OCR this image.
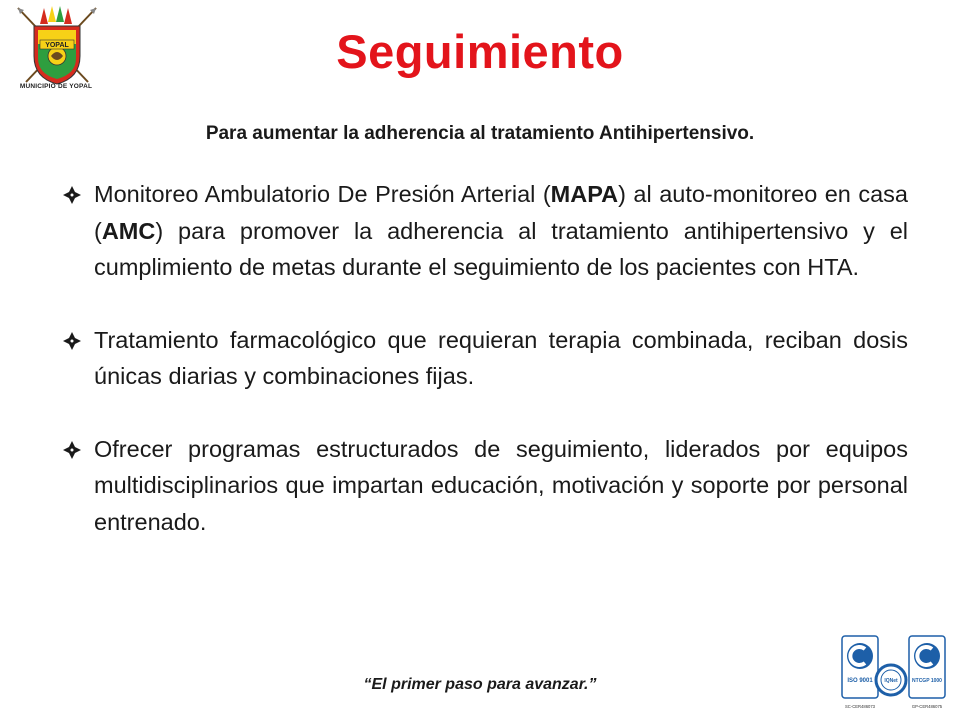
YOPAL
MUNICIPIO DE YOPAL
Seguimiento
Para aumentar la adherencia al tratamiento Antihipertensivo.
Monitoreo Ambulatorio De Presión Arterial (MAPA) al auto-monitoreo en casa (AMC) para promover la adherencia al tratamiento antihipertensivo y el cumplimiento de metas durante el seguimiento de los pacientes con HTA.
Tratamiento farmacológico que requieran terapia combinada, reciban dosis únicas diarias y combinaciones fijas.
Ofrecer programas estructurados de seguimiento, liderados por equipos multidisciplinarios que impartan educación, motivación y soporte por personal entrenado.
“El primer paso para avanzar.”	ISO 9001
SC-CER486073
IQNet	NTCGP 1000
GP-CER486075
